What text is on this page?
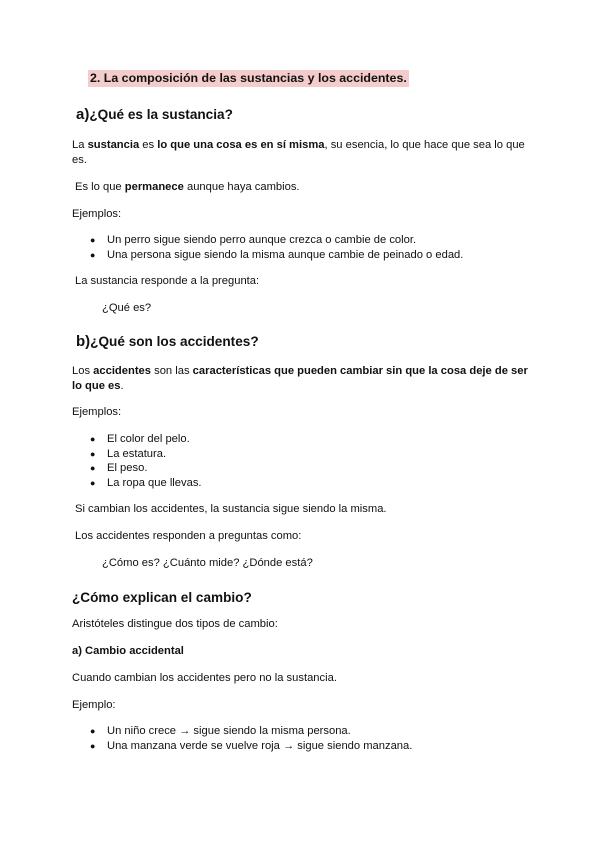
2. La composición de las sustancias y los accidentes.

a)¿Qué es la sustancia?

La sustancia es lo que una cosa es en sí misma, su esencia, lo que hace que sea lo que es.

Es lo que permanece aunque haya cambios.

Ejemplos:

● Un perro sigue siendo perro aunque crezca o cambie de color.
● Una persona sigue siendo la misma aunque cambie de peinado o edad.

La sustancia responde a la pregunta:

¿Qué es?

b)¿Qué son los accidentes?

Los accidentes son las características que pueden cambiar sin que la cosa deje de ser lo que es.

Ejemplos:

● El color del pelo.
● La estatura.
● El peso.
● La ropa que llevas.

Si cambian los accidentes, la sustancia sigue siendo la misma.

Los accidentes responden a preguntas como:

¿Cómo es? ¿Cuánto mide? ¿Dónde está?

¿Cómo explican el cambio?

Aristóteles distingue dos tipos de cambio:

a) Cambio accidental

Cuando cambian los accidentes pero no la sustancia.

Ejemplo:

● Un niño crece → sigue siendo la misma persona.
● Una manzana verde se vuelve roja → sigue siendo manzana.
